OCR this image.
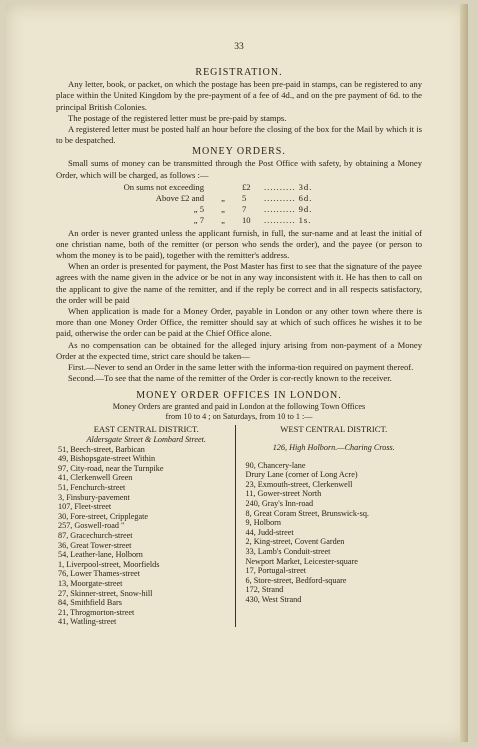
33
REGISTRATION.

Any letter, book, or packet, on which the postage has been pre-paid in stamps, can be registered to any place within the United Kingdom by the pre-payment of a fee of 4d., and on the pre payment of 6d. to the principal British Colonies.

The postage of the registered letter must be pre-paid by stamps.

A registered letter must be posted half an hour before the closing of the box for the Mail by which it is to be despatched.

MONEY ORDERS.

Small sums of money can be transmitted through the Post Office with safety, by obtaining a Money Order, which will be charged, as follows :—

On sums not exceeding	£2	.......... 3d.
Above £2 and	„	5	.......... 6d.
„ 5	„	7	.......... 9d.
„ 7	„	10	.......... 1s.

An order is never granted unless the applicant furnish, in full, the sur-name and at least the initial of one christian name, both of the remitter (or person who sends the order), and the payee (or person to whom the money is to be paid), together with the remitter's address.

When an order is presented for payment, the Post Master has first to see that the signature of the payee agrees with the name given in the advice or be not in any way inconsistent with it. He has then to call on the applicant to give the name of the remitter, and if the reply be correct and in all respects satisfactory, the order will be paid

When application is made for a Money Order, payable in London or any other town where there is more than one Money Order Office, the remitter should say at which of such offices he wishes it to be paid, otherwise the order can be paid at the Chief Office alone.

As no compensation can be obtained for the alleged injury arising from non-payment of a Money Order at the expected time, strict care should be taken—

First.—Never to send an Order in the same letter with the informa-tion required on payment thereof.

Second.—To see that the name of the remitter of the Order is cor-rectly known to the receiver.

MONEY ORDER OFFICES IN LONDON.
Money Orders are granted and paid in London at the following Town Offices
from 10 to 4 ; on Saturdays, from 10 to 1 :—
EAST CENTRAL DISTRICT.
Aldersgate Street & Lombard Street.
51, Beech-street, Barbican
49, Bishopsgate-street Within
97, City-road, near the Turnpike
41, Clerkenwell Green
51, Fenchurch-street
3, Finsbury-pavement
107, Fleet-street
30, Fore-street, Cripplegate
257, Goswell-road "
87, Gracechurch-street
36, Great Tower-street
54, Leather-lane, Holborn
1, Liverpool-street, Moorfields
76, Lower Thames-street
13, Moorgate-street
27, Skinner-street, Snow-hill
84, Smithfield Bars
21, Throgmorton-street
41, Watling-street
WEST CENTRAL DISTRICT.
126, High Holborn.—Charing Cross.
90, Chancery-lane
Drury Lane (corner of Long Acre)
23, Exmouth-street, Clerkenwell
11, Gower-street North
240, Gray's Inn-road
8, Great Coram Street, Brunswick-sq.
9, Holborn
44, Judd-street
2, King-street, Covent Garden
33, Lamb's Conduit-street
Newport Market, Leicester-square
17, Portugal-street
6, Store-street, Bedford-square
172, Strand
430, West Strand
